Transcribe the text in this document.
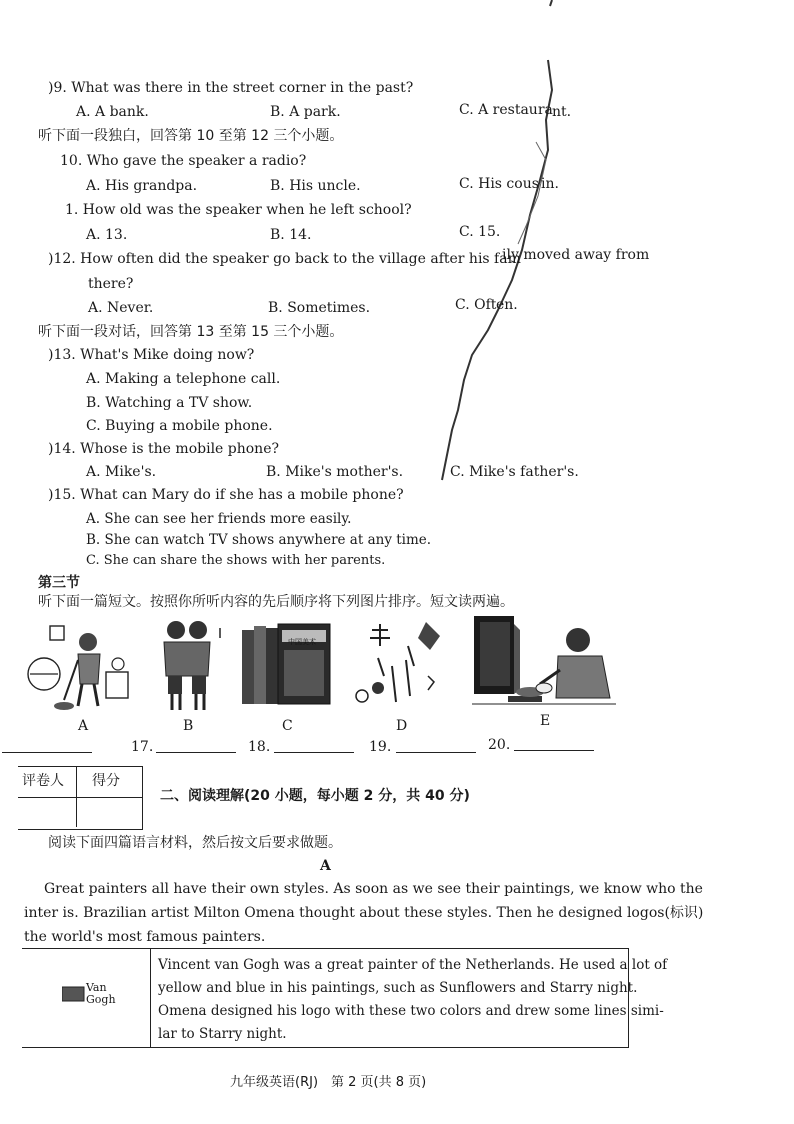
)9. What was there in the street corner in the past?
A. A bank.	B. A park.	C. A restaura nt.
听下面一段独白，回答第 10 至第 12 三个小题。
10. Who gave the speaker a radio?
A. His grandpa.	B. His uncle.	C. His cous in.
1. How old was the speaker when he left school?
A. 13.	B. 14.	C. 15.
)12. How often did the speaker go back to the village after his fam
ily moved away from
there?
A. Never.	B. Sometimes.	C. Oft en.
听下面一段对话，回答第 13 至第 15 三个小题。
)13. What's Mike doing now?
A. Making a telephone call.
B. Watching a TV show.
C. Buying a mobile phone.
)14. Whose is the mobile phone?
A. Mike's.	B. Mike's mother's.	C. Mike's father's.
)15. What can Mary do if she has a mobile phone?
A. She can see her friends more easily.
B. She can watch TV shows anywhere at any time.
C. She can share the shows with her parents.
第三节
听下面一篇短文。按照你所听内容的先后顺序将下列图片排序。短文读两遍。
A	B
中国美术
C	D	E
17.	18.	19.	20.
评卷人 得分
二、阅读理解(20 小题，每小题 2 分，共 40 分)
阅读下面四篇语言材料，然后按文后要求做题。
A
Great painters all have their own styles. As soon as we see their paintings, we know who the
inter is. Brazilian artist Milton Omena thought about these styles. Then he designed logos(标识)
the world's most famous painters.
Van
Gogh
Vincent van Gogh was a great painter of the Netherlands. He used a lot of
yellow and blue in his paintings, such as Sunflowers and Starry night.
Omena designed his logo with these two colors and drew some lines simi-
lar to Starry night.
九年级英语(RJ)　第 2 页(共 8 页)
